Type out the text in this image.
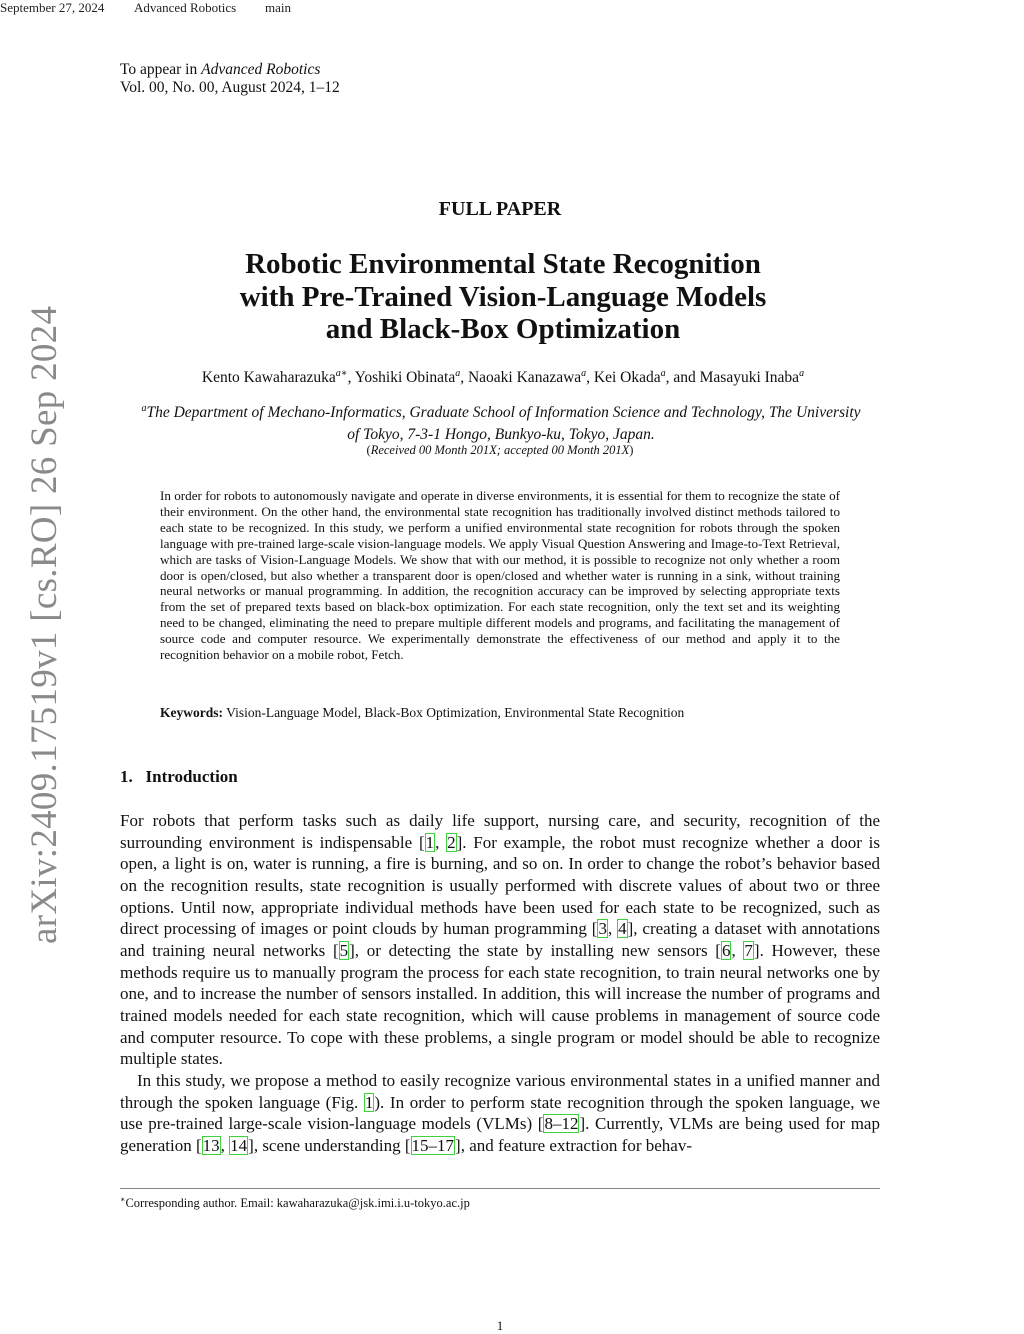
September 27, 2024 Advanced Robotics main
To appear in Advanced Robotics
Vol. 00, No. 00, August 2024, 1–12
arXiv:2409.17519v1 [cs.RO] 26 Sep 2024
FULL PAPER
Robotic Environmental State Recognition
with Pre-Trained Vision-Language Models
and Black-Box Optimization
Kento Kawaharazuka$^{a∗}$, Yoshiki Obinata$^a$, Naoaki Kanazawa$^a$, Kei Okada$^a$, and Masayuki Inaba$^a$
$^a$The Department of Mechano-Informatics, Graduate School of Information Science and Technology, The University of Tokyo, 7-3-1 Hongo, Bunkyo-ku, Tokyo, Japan.
(Received 00 Month 201X; accepted 00 Month 201X)

In order for robots to autonomously navigate and operate in diverse environments, it is essential for them to recognize the state of their environment. On the other hand, the environmental state recognition has traditionally involved distinct methods tailored to each state to be recognized. In this study, we perform a unified environmental state recognition for robots through the spoken language with pre-trained large-scale vision-language models. We apply Visual Question Answering and Image-to-Text Retrieval, which are tasks of Vision-Language Models. We show that with our method, it is possible to recognize not only whether a room door is open/closed, but also whether a transparent door is open/closed and whether water is running in a sink, without training neural networks or manual programming. In addition, the recognition accuracy can be improved by selecting appropriate texts from the set of prepared texts based on black-box optimization. For each state recognition, only the text set and its weighting need to be changed, eliminating the need to prepare multiple different models and programs, and facilitating the management of source code and computer resource. We experimentally demonstrate the effectiveness of our method and apply it to the recognition behavior on a mobile robot, Fetch.

Keywords: Vision-Language Model, Black-Box Optimization, Environmental State Recognition
1. Introduction

For robots that perform tasks such as daily life support, nursing care, and security, recognition of the surrounding environment is indispensable [1, 2]. For example, the robot must recognize whether a door is open, a light is on, water is running, a fire is burning, and so on. In order to change the robot’s behavior based on the recognition results, state recognition is usually performed with discrete values of about two or three options. Until now, appropriate individual methods have been used for each state to be recognized, such as direct processing of images or point clouds by human programming [3, 4], creating a dataset with annotations and training neural networks [5], or detecting the state by installing new sensors [6, 7]. However, these methods require us to manually program the process for each state recognition, to train neural networks one by one, and to increase the number of sensors installed. In addition, this will increase the number of programs and trained models needed for each state recognition, which will cause problems in management of source code and computer resource. To cope with these problems, a single program or model should be able to recognize multiple states.

In this study, we propose a method to easily recognize various environmental states in a unified manner and through the spoken language (Fig. 1). In order to perform state recognition through the spoken language, we use pre-trained large-scale vision-language models (VLMs) [8–12]. Currently, VLMs are being used for map generation [13, 14], scene understanding [15–17], and feature extraction for behav-

∗Corresponding author. Email: kawaharazuka@jsk.imi.i.u-tokyo.ac.jp
1
